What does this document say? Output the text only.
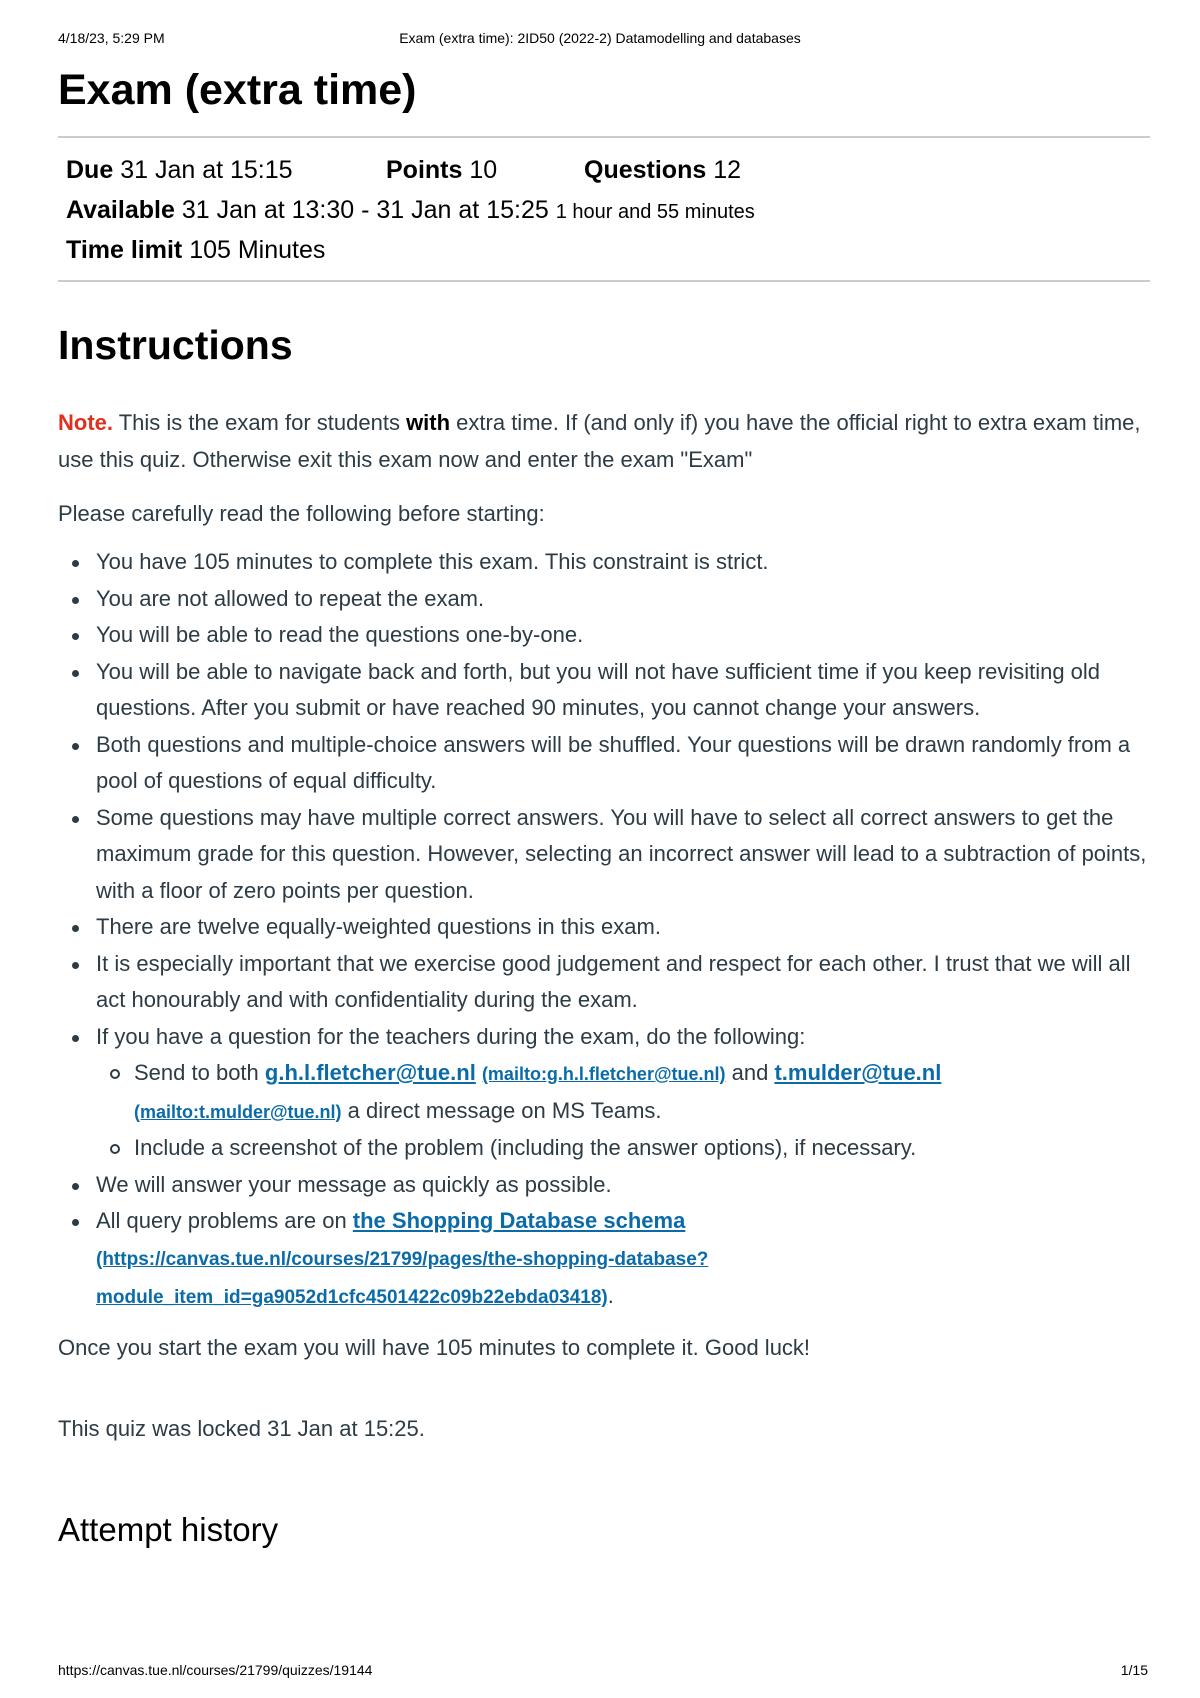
4/18/23, 5:29 PM	Exam (extra time): 2ID50 (2022-2) Datamodelling and databases
Exam (extra time)
Due 31 Jan at 15:15	Points 10	Questions 12
Available 31 Jan at 13:30 - 31 Jan at 15:25 1 hour and 55 minutes
Time limit 105 Minutes
Instructions

Note. This is the exam for students with extra time. If (and only if) you have the official right to extra exam time, use this quiz. Otherwise exit this exam now and enter the exam "Exam"

Please carefully read the following before starting:

You have 105 minutes to complete this exam. This constraint is strict.
You are not allowed to repeat the exam.
You will be able to read the questions one-by-one.
You will be able to navigate back and forth, but you will not have sufficient time if you keep revisiting old questions. After you submit or have reached 90 minutes, you cannot change your answers.
Both questions and multiple-choice answers will be shuffled. Your questions will be drawn randomly from a pool of questions of equal difficulty.
Some questions may have multiple correct answers. You will have to select all correct answers to get the maximum grade for this question. However, selecting an incorrect answer will lead to a subtraction of points, with a floor of zero points per question.
There are twelve equally-weighted questions in this exam.
It is especially important that we exercise good judgement and respect for each other. I trust that we will all act honourably and with confidentiality during the exam.
If you have a question for the teachers during the exam, do the following:
Send to both g.h.l.fletcher@tue.nl (mailto:g.h.l.fletcher@tue.nl) and t.mulder@tue.nl (mailto:t.mulder@tue.nl) a direct message on MS Teams.
Include a screenshot of the problem (including the answer options), if necessary.
We will answer your message as quickly as possible.
All query problems are on the Shopping Database schema
(https://canvas.tue.nl/courses/21799/pages/the-shopping-database?module_item_id=ga9052d1cfc4501422c09b22ebda03418).

Once you start the exam you will have 105 minutes to complete it. Good luck!

This quiz was locked 31 Jan at 15:25.

Attempt history
https://canvas.tue.nl/courses/21799/quizzes/19144	1/15
